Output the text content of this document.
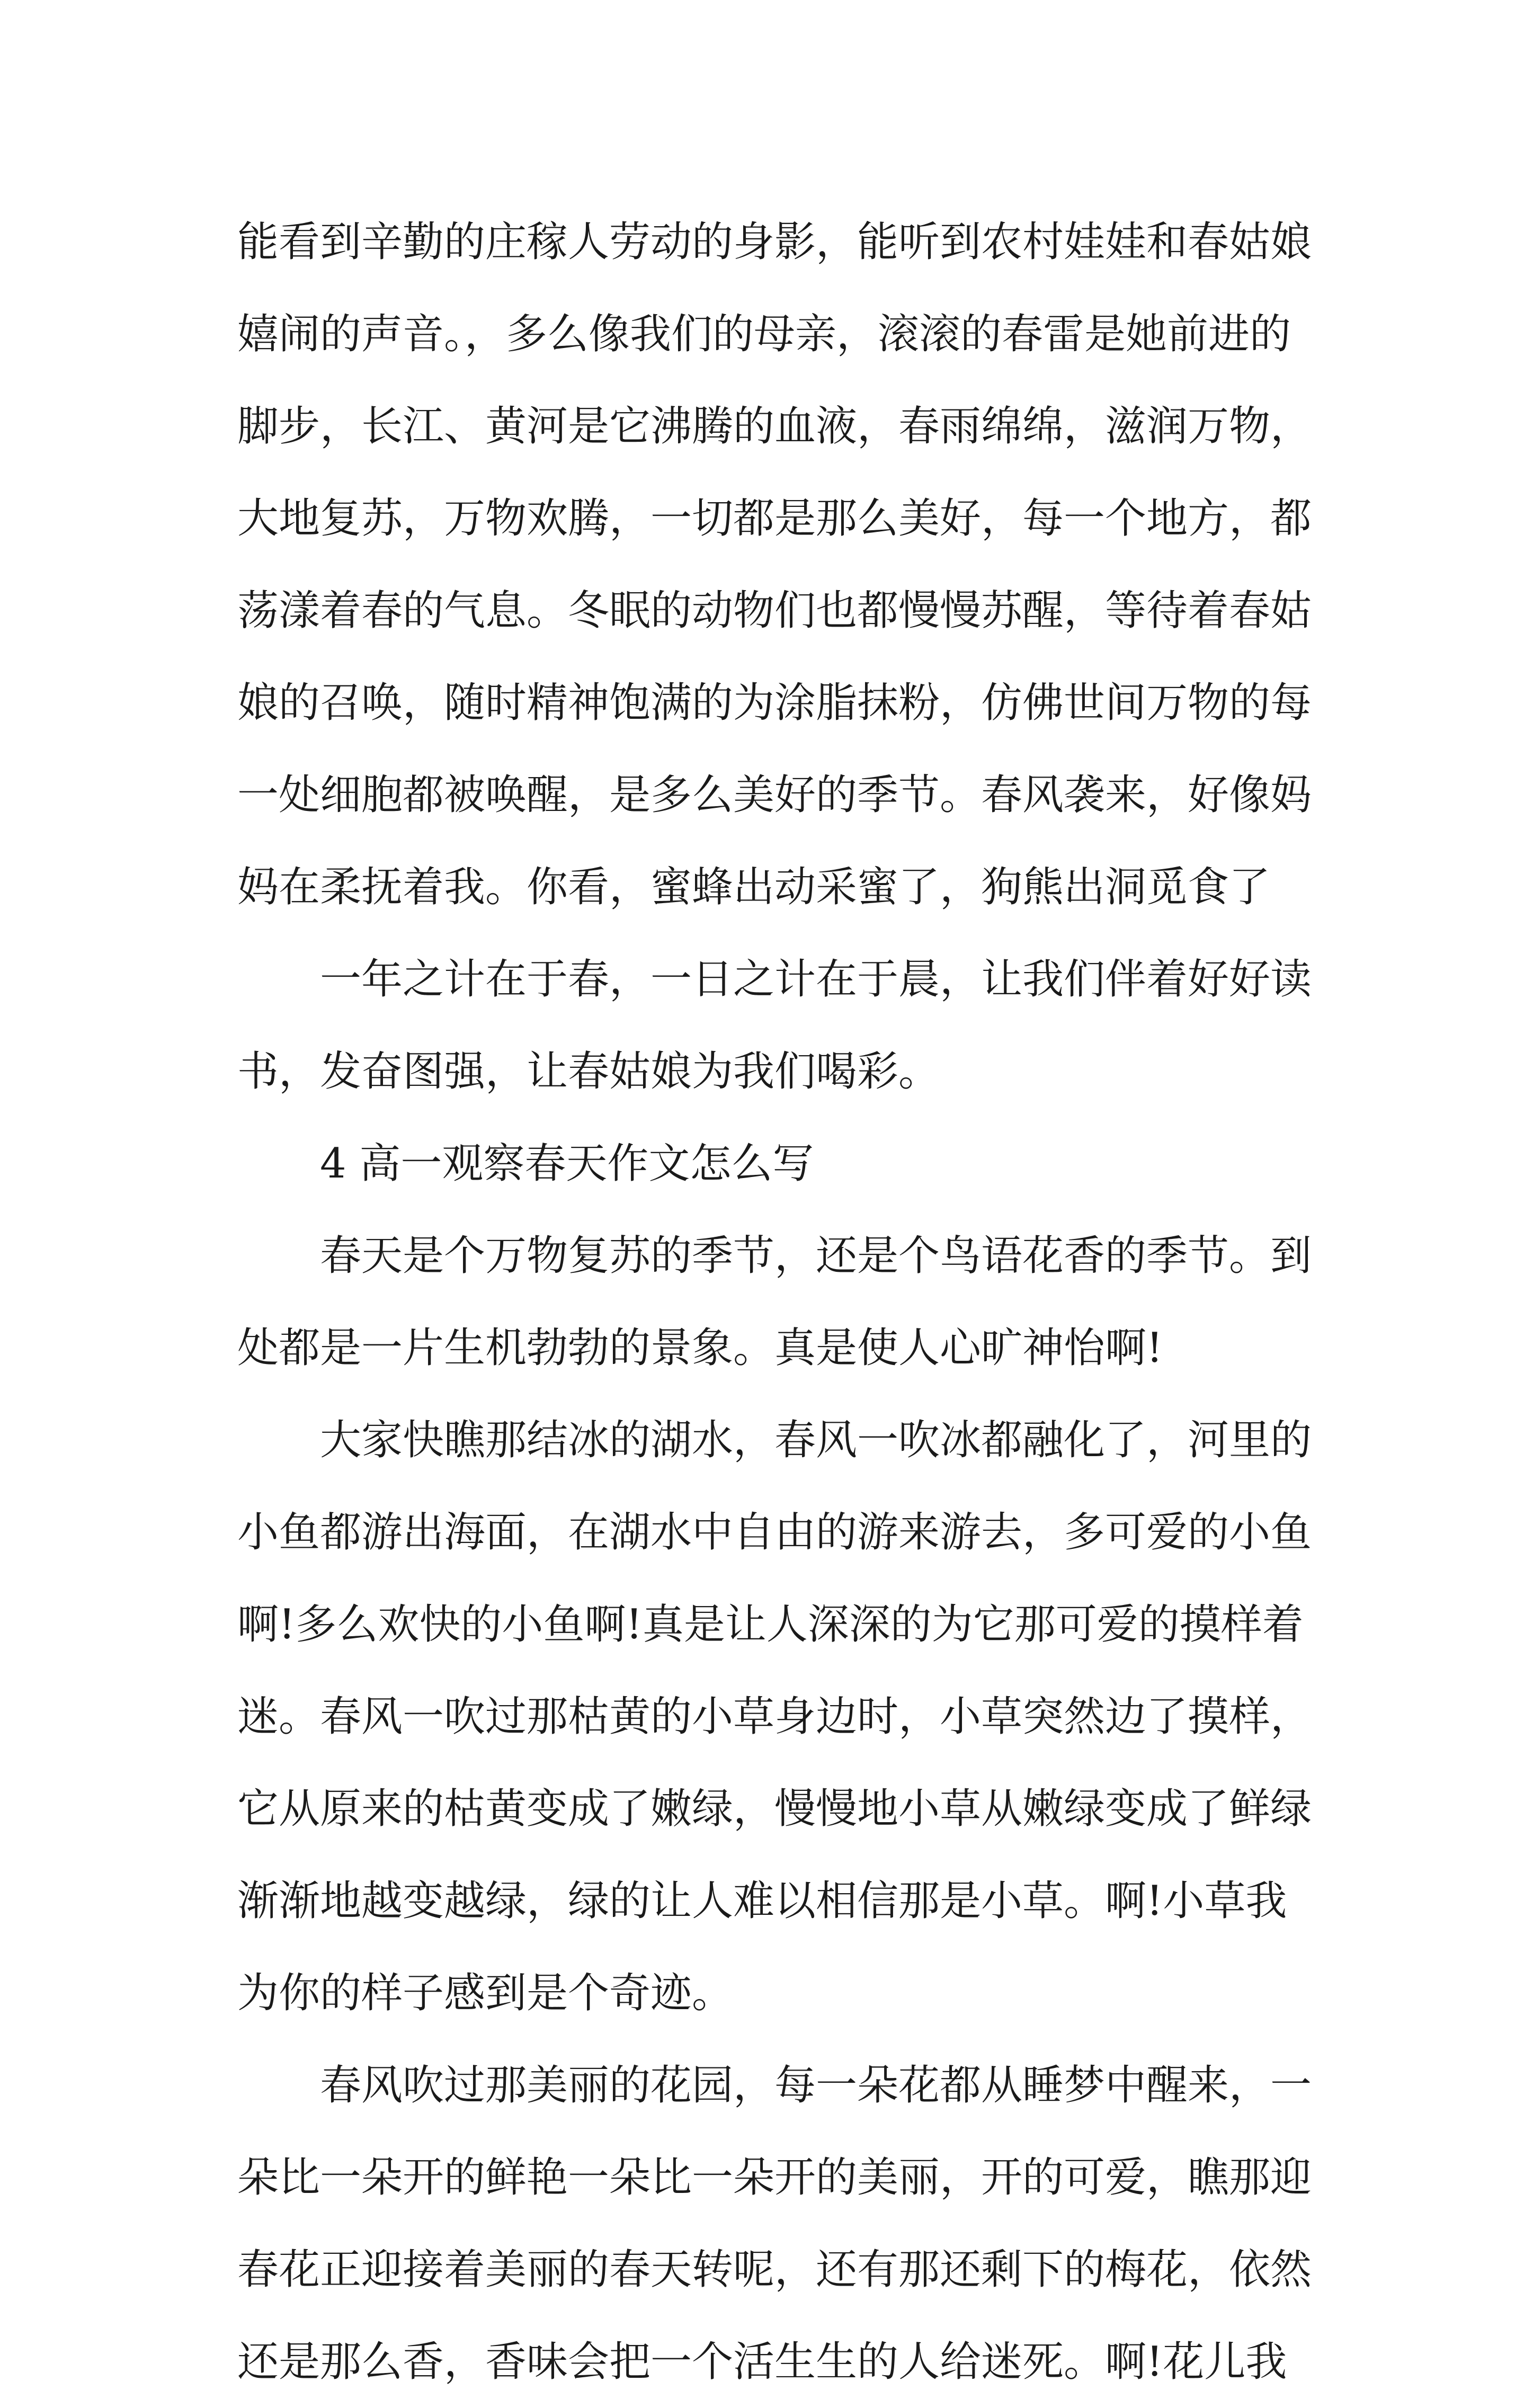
能看到辛勤的庄稼人劳动的身影，能听到农村娃娃和春姑娘
嬉闹的声音。，多么像我们的母亲，滚滚的春雷是她前进的
脚步，长江、黄河是它沸腾的血液，春雨绵绵，滋润万物，
大地复苏，万物欢腾，一切都是那么美好，每一个地方，都
荡漾着春的气息。冬眠的动物们也都慢慢苏醒，等待着春姑
娘的召唤，随时精神饱满的为涂脂抹粉，仿佛世间万物的每
一处细胞都被唤醒，是多么美好的季节。春风袭来，好像妈
妈在柔抚着我。你看，蜜蜂出动采蜜了，狗熊出洞觅食了
一年之计在于春，一日之计在于晨，让我们伴着好好读
书，发奋图强，让春姑娘为我们喝彩。
4 高一观察春天作文怎么写
春天是个万物复苏的季节，还是个鸟语花香的季节。到
处都是一片生机勃勃的景象。真是使人心旷神怡啊!
大家快瞧那结冰的湖水，春风一吹冰都融化了，河里的
小鱼都游出海面，在湖水中自由的游来游去，多可爱的小鱼
啊!多么欢快的小鱼啊!真是让人深深的为它那可爱的摸样着
迷。春风一吹过那枯黄的小草身边时，小草突然边了摸样，
它从原来的枯黄变成了嫩绿，慢慢地小草从嫩绿变成了鲜绿
渐渐地越变越绿，绿的让人难以相信那是小草。啊!小草我
为你的样子感到是个奇迹。
春风吹过那美丽的花园，每一朵花都从睡梦中醒来，一
朵比一朵开的鲜艳一朵比一朵开的美丽，开的可爱，瞧那迎
春花正迎接着美丽的春天转呢，还有那还剩下的梅花，依然
还是那么香，香味会把一个活生生的人给迷死。啊!花儿我
